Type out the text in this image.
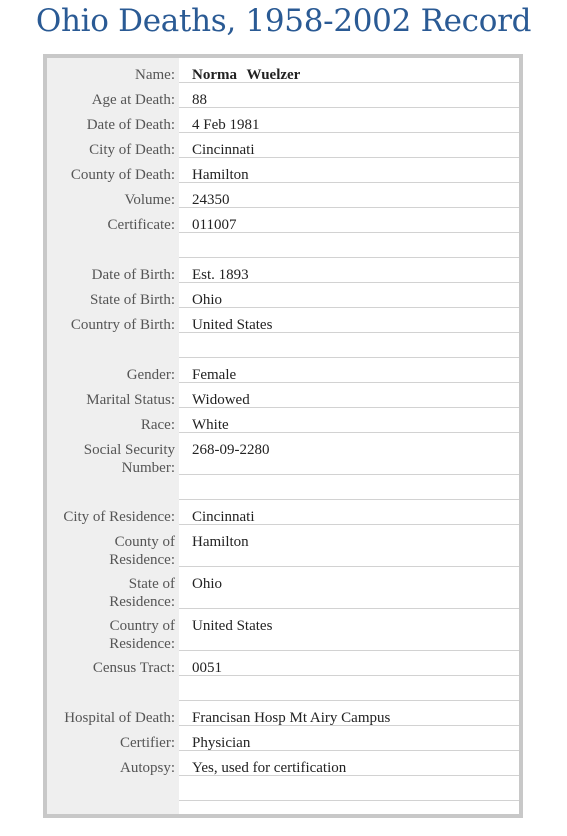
Ohio Deaths, 1958-2002 Record
Name:	Norma Wuelzer
Age at Death:	88
Date of Death:	4 Feb 1981
City of Death:	Cincinnati
County of Death:	Hamilton
Volume:	24350
Certificate:	011007
Date of Birth:	Est. 1893
State of Birth:	Ohio
Country of Birth:	United States
Gender:	Female
Marital Status:	Widowed
Race:	White
Social Security
Number:
268-09-2280
City of Residence:	Cincinnati
County of
Residence:
Hamilton
State of
Residence:
Ohio
Country of
Residence:
United States
Census Tract:	0051
Hospital of Death:	Francisan Hosp Mt Airy Campus
Certifier:	Physician
Autopsy:	Yes, used for certification
